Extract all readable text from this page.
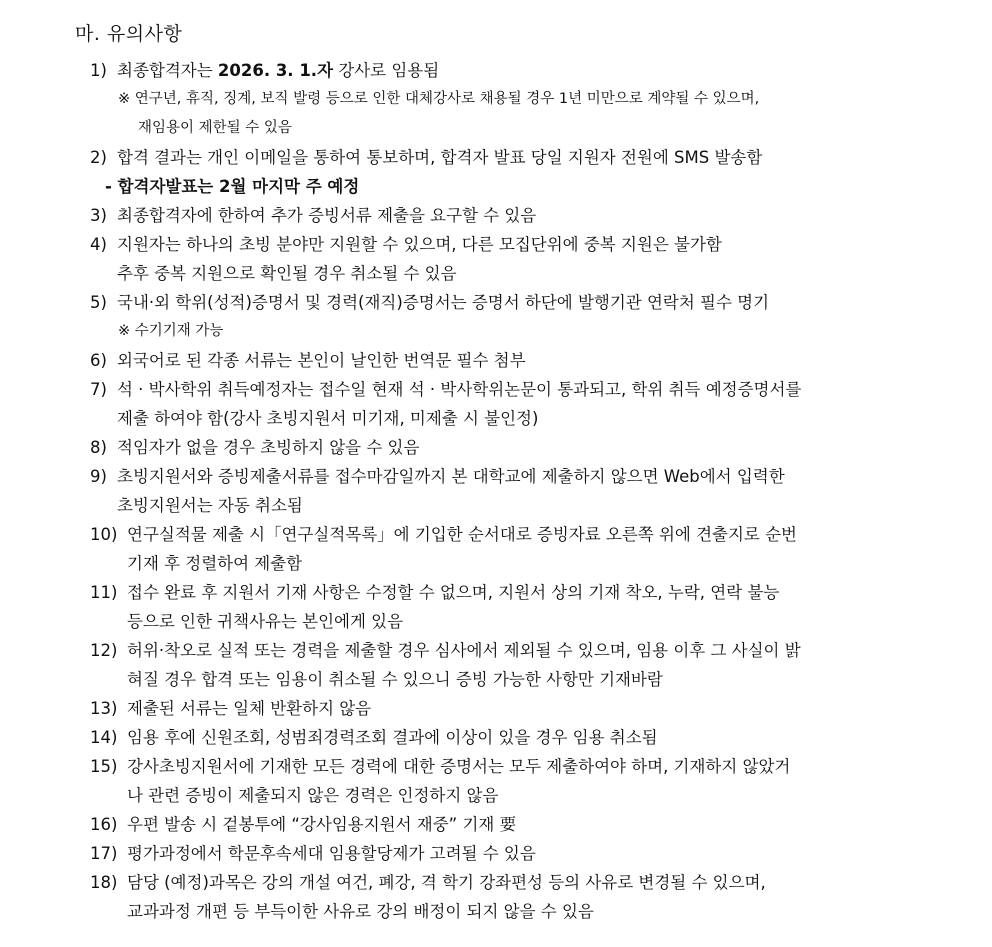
마. 유의사항
1) 최종합격자는 2026. 3. 1.자 강사로 임용됨
※ 연구년, 휴직, 징계, 보직 발령 등으로 인한 대체강사로 채용될 경우 1년 미만으로 계약될 수 있으며,
재임용이 제한될 수 있음
2) 합격 결과는 개인 이메일을 통하여 통보하며, 합격자 발표 당일 지원자 전원에 SMS 발송함
- 합격자발표는 2월 마지막 주 예정
3) 최종합격자에 한하여 추가 증빙서류 제출을 요구할 수 있음
4) 지원자는 하나의 초빙 분야만 지원할 수 있으며, 다른 모집단위에 중복 지원은 불가함
추후 중복 지원으로 확인될 경우 취소될 수 있음
5) 국내·외 학위(성적)증명서 및 경력(재직)증명서는 증명서 하단에 발행기관 연락처 필수 명기
※ 수기기재 가능
6) 외국어로 된 각종 서류는 본인이 날인한 번역문 필수 첨부
7) 석 · 박사학위 취득예정자는 접수일 현재 석 · 박사학위논문이 통과되고, 학위 취득 예정증명서를
제출 하여야 함(강사 초빙지원서 미기재, 미제출 시 불인정)
8) 적임자가 없을 경우 초빙하지 않을 수 있음
9) 초빙지원서와 증빙제출서류를 접수마감일까지 본 대학교에 제출하지 않으면 Web에서 입력한
초빙지원서는 자동 취소됨
10) 연구실적물 제출 시「연구실적목록」에 기입한 순서대로 증빙자료 오른쪽 위에 견출지로 순번
기재 후 정렬하여 제출함
11) 접수 완료 후 지원서 기재 사항은 수정할 수 없으며, 지원서 상의 기재 착오, 누락, 연락 불능
등으로 인한 귀책사유는 본인에게 있음
12) 허위·착오로 실적 또는 경력을 제출할 경우 심사에서 제외될 수 있으며, 임용 이후 그 사실이 밝
혀질 경우 합격 또는 임용이 취소될 수 있으니 증빙 가능한 사항만 기재바람
13) 제출된 서류는 일체 반환하지 않음
14) 임용 후에 신원조회, 성범죄경력조회 결과에 이상이 있을 경우 임용 취소됨
15) 강사초빙지원서에 기재한 모든 경력에 대한 증명서는 모두 제출하여야 하며, 기재하지 않았거
나 관련 증빙이 제출되지 않은 경력은 인정하지 않음
16) 우편 발송 시 겉봉투에 “강사임용지원서 재중” 기재 要
17) 평가과정에서 학문후속세대 임용할당제가 고려될 수 있음
18) 담당 (예정)과목은 강의 개설 여건, 폐강, 격 학기 강좌편성 등의 사유로 변경될 수 있으며,
교과과정 개편 등 부득이한 사유로 강의 배정이 되지 않을 수 있음
